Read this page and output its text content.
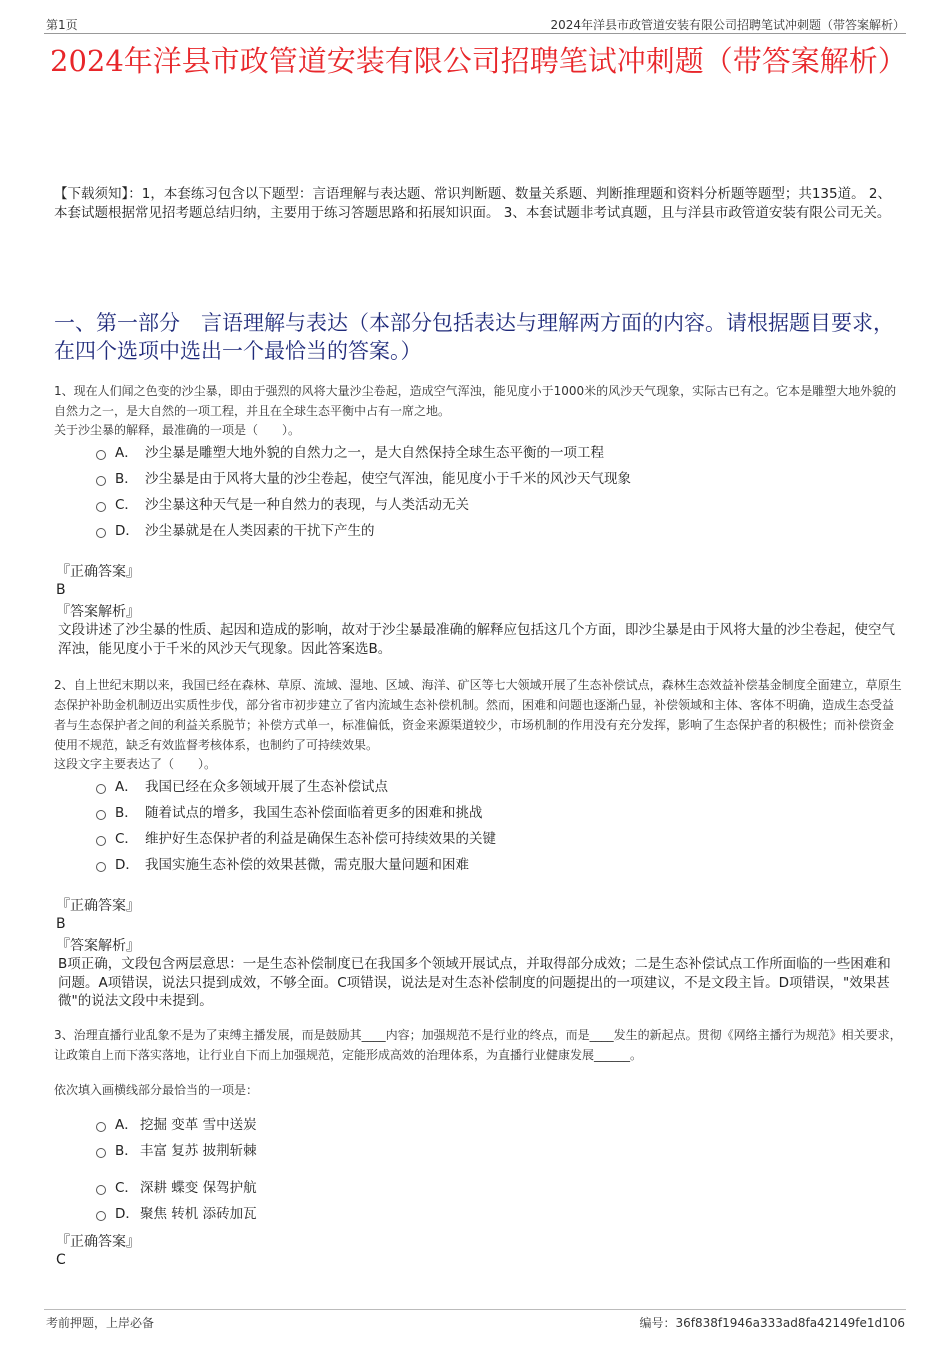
第1页	2024年洋县市政管道安装有限公司招聘笔试冲刺题（带答案解析）
2024年洋县市政管道安装有限公司招聘笔试冲刺题（带答案解析）
【下载须知】：1，本套练习包含以下题型：言语理解与表达题、常识判断题、数量关系题、判断推理题和资料分析题等题型；共135道。 2、本套试题根据常见招考题总结归纳，主要用于练习答题思路和拓展知识面。 3、本套试题非考试真题，且与洋县市政管道安装有限公司无关。
一、第一部分　言语理解与表达（本部分包括表达与理解两方面的内容。请根据题目要求，在四个选项中选出一个最恰当的答案。）
1、现在人们闻之色变的沙尘暴，即由于强烈的风将大量沙尘卷起，造成空气浑浊，能见度小于1000米的风沙天气现象，实际古已有之。它本是雕塑大地外貌的自然力之一，是大自然的一项工程，并且在全球生态平衡中占有一席之地。
关于沙尘暴的解释，最准确的一项是（　　）。
A． 沙尘暴是雕塑大地外貌的自然力之一，是大自然保持全球生态平衡的一项工程
B． 沙尘暴是由于风将大量的沙尘卷起，使空气浑浊，能见度小于千米的风沙天气现象
C． 沙尘暴这种天气是一种自然力的表现，与人类活动无关
D． 沙尘暴就是在人类因素的干扰下产生的
『正确答案』
B
『答案解析』
文段讲述了沙尘暴的性质、起因和造成的影响，故对于沙尘暴最准确的解释应包括这几个方面，即沙尘暴是由于风将大量的沙尘卷起，使空气浑浊，能见度小于千米的风沙天气现象。因此答案选B。
2、自上世纪末期以来，我国已经在森林、草原、流域、湿地、区域、海洋、矿区等七大领域开展了生态补偿试点，森林生态效益补偿基金制度全面建立，草原生态保护补助金机制迈出实质性步伐，部分省市初步建立了省内流域生态补偿机制。然而，困难和问题也逐渐凸显，补偿领域和主体、客体不明确，造成生态受益者与生态保护者之间的利益关系脱节；补偿方式单一，标准偏低，资金来源渠道较少，市场机制的作用没有充分发挥，影响了生态保护者的积极性；而补偿资金使用不规范，缺乏有效监督考核体系，也制约了可持续效果。
这段文字主要表达了（　　）。
A． 我国已经在众多领域开展了生态补偿试点
B． 随着试点的增多，我国生态补偿面临着更多的困难和挑战
C． 维护好生态保护者的利益是确保生态补偿可持续效果的关键
D． 我国实施生态补偿的效果甚微，需克服大量问题和困难
『正确答案』
B
『答案解析』
B项正确，文段包含两层意思：一是生态补偿制度已在我国多个领域开展试点，并取得部分成效；二是生态补偿试点工作所面临的一些困难和问题。A项错误，说法只提到成效，不够全面。C项错误，说法是对生态补偿制度的问题提出的一项建议，不是文段主旨。D项错误，"效果甚微"的说法文段中未提到。
3、治理直播行业乱象不是为了束缚主播发展，而是鼓励其____内容；加强规范不是行业的终点，而是____发生的新起点。贯彻《网络主播行为规范》相关要求，让政策自上而下落实落地，让行业自下而上加强规范，定能形成高效的治理体系，为直播行业健康发展______。
依次填入画横线部分最恰当的一项是：
A． 挖掘 变革 雪中送炭
B． 丰富 复苏 披荆斩棘
C． 深耕 蝶变 保驾护航
D．聚焦 转机 添砖加瓦
『正确答案』
C
考前押题，上岸必备	编号：36f838f1946a333ad8fa42149fe1d106
